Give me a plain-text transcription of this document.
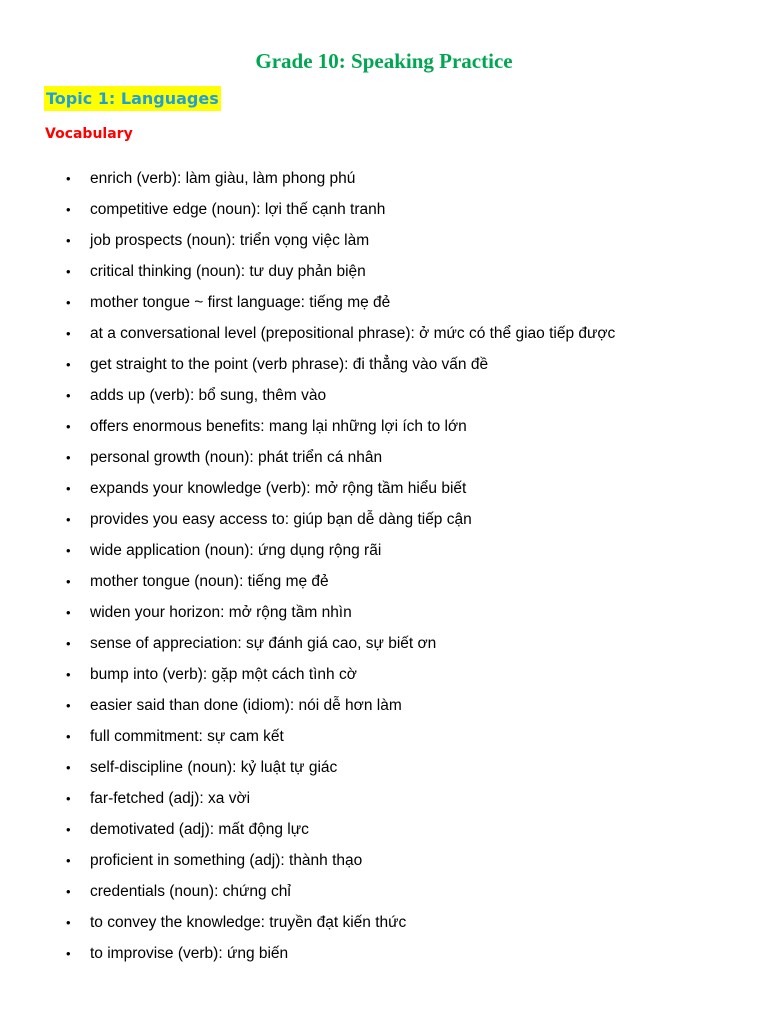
Grade 10: Speaking Practice
Topic 1: Languages
Vocabulary
• enrich (verb): làm giàu, làm phong phú
• competitive edge (noun): lợi thế cạnh tranh
• job prospects (noun): triển vọng việc làm
• critical thinking (noun): tư duy phản biện
• mother tongue ~ first language: tiếng mẹ đẻ
• at a conversational level (prepositional phrase): ở mức có thể giao tiếp được
• get straight to the point (verb phrase): đi thẳng vào vấn đề
• adds up (verb): bổ sung, thêm vào
• offers enormous benefits: mang lại những lợi ích to lớn
• personal growth (noun): phát triển cá nhân
• expands your knowledge (verb): mở rộng tầm hiểu biết
• provides you easy access to: giúp bạn dễ dàng tiếp cận
• wide application (noun): ứng dụng rộng rãi
• mother tongue (noun): tiếng mẹ đẻ
• widen your horizon: mở rộng tầm nhìn
• sense of appreciation: sự đánh giá cao, sự biết ơn
• bump into (verb): gặp một cách tình cờ
• easier said than done (idiom): nói dễ hơn làm
• full commitment: sự cam kết
• self-discipline (noun): kỷ luật tự giác
• far-fetched (adj): xa vời
• demotivated (adj): mất động lực
• proficient in something (adj): thành thạo
• credentials (noun): chứng chỉ
• to convey the knowledge: truyền đạt kiến thức
• to improvise (verb): ứng biến
